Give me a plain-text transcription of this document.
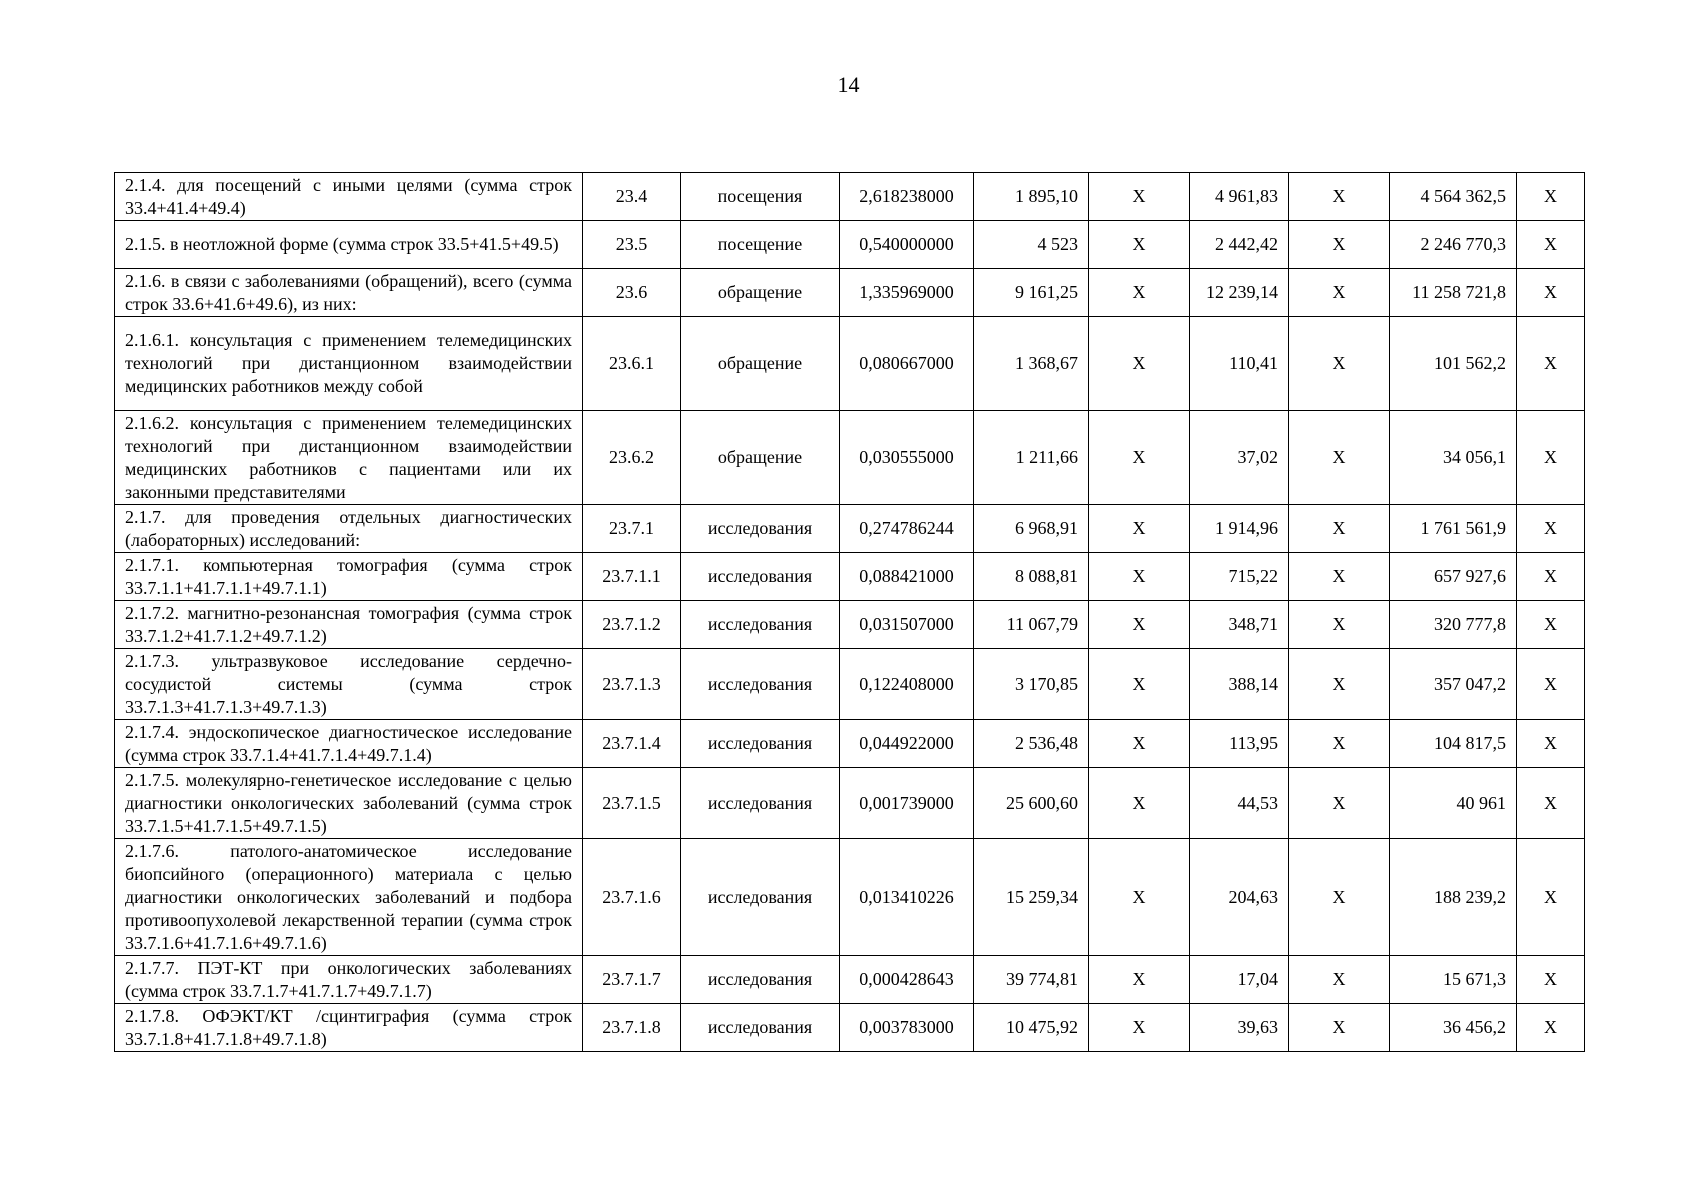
14
2.1.4. для посещений с иными целями (сумма строк 33.4+41.4+49.4)	23.4	посещения	2,618238000	1 895,10	Х	4 961,83	Х	4 564 362,5	Х
2.1.5. в неотложной форме (сумма строк 33.5+41.5+49.5)	23.5	посещение	0,540000000	4 523	Х	2 442,42	Х	2 246 770,3	Х
2.1.6. в связи с заболеваниями (обращений), всего (сумма строк 33.6+41.6+49.6), из них:	23.6	обращение	1,335969000	9 161,25	Х	12 239,14	Х	11 258 721,8	Х
2.1.6.1. консультация с применением телемедицинских технологий при дистанционном взаимодействии медицинских работников между собой	23.6.1	обращение	0,080667000	1 368,67	Х	110,41	Х	101 562,2	Х
2.1.6.2. консультация с применением телемедицинских технологий при дистанционном взаимодействии медицинских работников с пациентами или их законными представителями	23.6.2	обращение	0,030555000	1 211,66	Х	37,02	Х	34 056,1	Х
2.1.7. для проведения отдельных диагностических (лабораторных) исследований:	23.7.1	исследования	0,274786244	6 968,91	Х	1 914,96	Х	1 761 561,9	Х
2.1.7.1. компьютерная томография (сумма строк 33.7.1.1+41.7.1.1+49.7.1.1)	23.7.1.1	исследования	0,088421000	8 088,81	Х	715,22	Х	657 927,6	Х
2.1.7.2. магнитно-резонансная томография (сумма строк 33.7.1.2+41.7.1.2+49.7.1.2)	23.7.1.2	исследования	0,031507000	11 067,79	Х	348,71	Х	320 777,8	Х
2.1.7.3. ультразвуковое исследование сердечно-сосудистой системы (сумма строк 33.7.1.3+41.7.1.3+49.7.1.3)	23.7.1.3	исследования	0,122408000	3 170,85	Х	388,14	Х	357 047,2	Х
2.1.7.4. эндоскопическое диагностическое исследование (сумма строк 33.7.1.4+41.7.1.4+49.7.1.4)	23.7.1.4	исследования	0,044922000	2 536,48	Х	113,95	Х	104 817,5	Х
2.1.7.5. молекулярно-генетическое исследование с целью диагностики онкологических заболеваний (сумма строк 33.7.1.5+41.7.1.5+49.7.1.5)	23.7.1.5	исследования	0,001739000	25 600,60	Х	44,53	Х	40 961	Х
2.1.7.6. патолого-анатомическое исследование биопсийного (операционного) материала с целью диагностики онкологических заболеваний и подбора противоопухолевой лекарственной терапии (сумма строк 33.7.1.6+41.7.1.6+49.7.1.6)	23.7.1.6	исследования	0,013410226	15 259,34	Х	204,63	Х	188 239,2	Х
2.1.7.7. ПЭТ-КТ при онкологических заболеваниях (сумма строк 33.7.1.7+41.7.1.7+49.7.1.7)	23.7.1.7	исследования	0,000428643	39 774,81	Х	17,04	Х	15 671,3	Х
2.1.7.8. ОФЭКТ/КТ /сцинтиграфия (сумма строк 33.7.1.8+41.7.1.8+49.7.1.8)	23.7.1.8	исследования	0,003783000	10 475,92	Х	39,63	Х	36 456,2	Х
